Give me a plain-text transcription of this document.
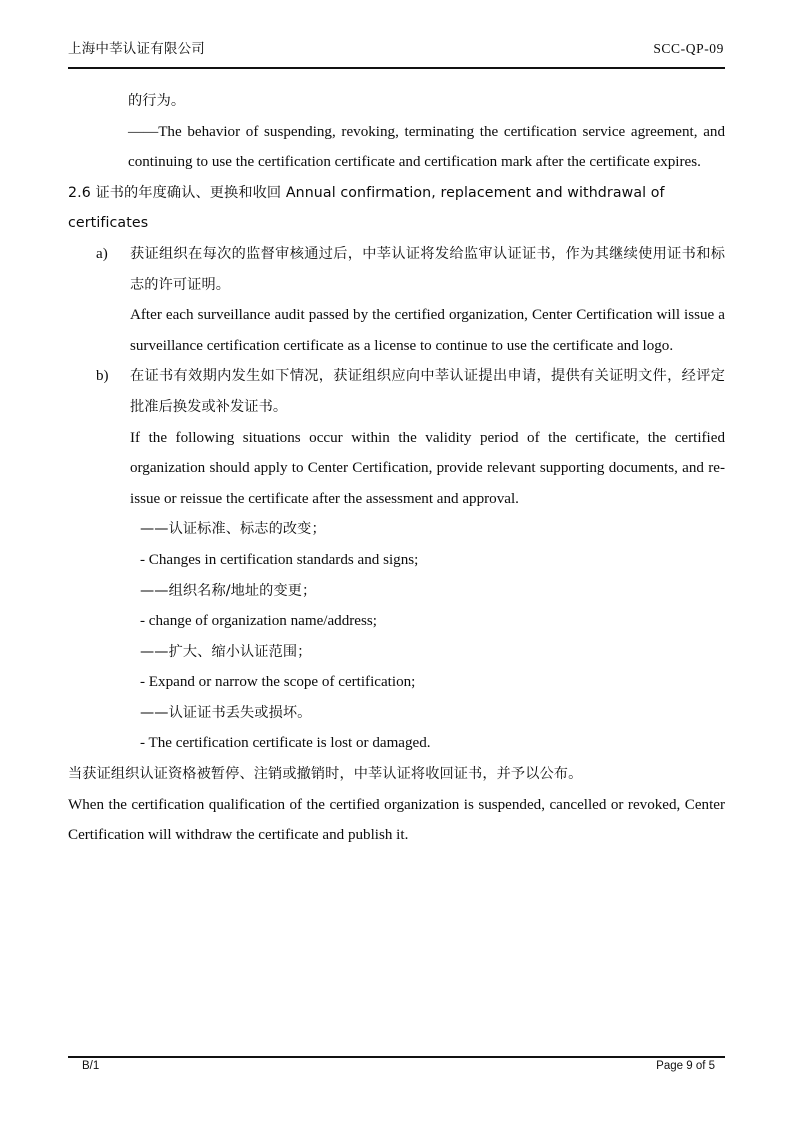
上海中莘认证有限公司	SCC-QP-09

的行为。

——The behavior of suspending, revoking, terminating the certification service agreement, and continuing to use the certification certificate and certification mark after the certificate expires.

2.6 证书的年度确认、更换和收回 Annual confirmation, replacement and withdrawal of certificates

a)	获证组织在每次的监督审核通过后，中莘认证将发给监审认证证书，作为其继续使用证书和标志的许可证明。

After each surveillance audit passed by the certified organization, Center Certification will issue a surveillance certification certificate as a license to continue to use the certificate and logo.

b)	在证书有效期内发生如下情况，获证组织应向中莘认证提出申请，提供有关证明文件，经评定批准后换发或补发证书。

If the following situations occur within the validity period of the certificate, the certified organization should apply to Center Certification, provide relevant supporting documents, and re-issue or reissue the certificate after the assessment and approval.

——认证标准、标志的改变；

- Changes in certification standards and signs;

——组织名称/地址的变更；

- change of organization name/address;

——扩大、缩小认证范围；

- Expand or narrow the scope of certification;

——认证证书丢失或损坏。

- The certification certificate is lost or damaged.

当获证组织认证资格被暂停、注销或撤销时，中莘认证将收回证书，并予以公布。

When the certification qualification of the certified organization is suspended, cancelled or revoked, Center Certification will withdraw the certificate and publish it.

B/1	Page 9 of 5
